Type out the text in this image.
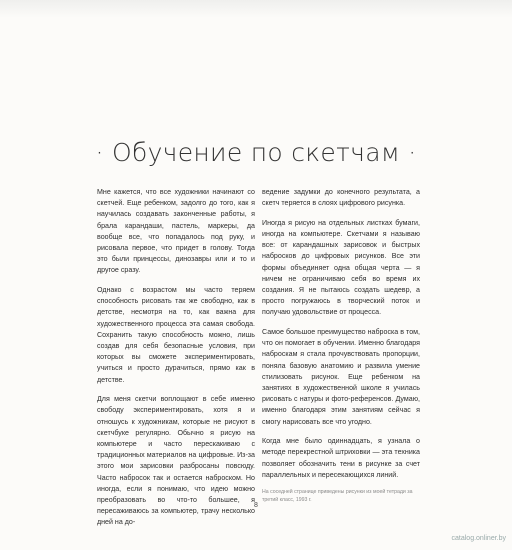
· Обучение по скетчам ·

Мне кажется, что все художники начинают со скетчей. Еще ребенком, задолго до того, как я научилась создавать законченные работы, я брала карандаши, пастель, маркеры, да вообще все, что попадалось под руку, и рисовала первое, что придет в голову. Тогда это были принцессы, динозавры или и то и другое сразу.

Однако с возрастом мы часто теряем способность рисовать так же свободно, как в детстве, несмотря на то, как важна для художественного процесса эта самая свобода. Сохранить такую способность можно, лишь создав для себя безопасные условия, при которых вы сможете экспериментировать, учиться и просто дурачиться, прямо как в детстве.

Для меня скетчи воплощают в себе именно свободу экспериментировать, хотя я и отношусь к художникам, которые не рисуют в скетчбуке регулярно. Обычно я рисую на компьютере и часто перескакиваю с традиционных материалов на цифровые. Из-за этого мои зарисовки разбросаны повсюду. Часто набросок так и остается наброском. Но иногда, если я понимаю, что идею можно преобразовать во что-то большее, я пересаживаюсь за компьютер, трачу несколько дней на до-

ведение задумки до конечного результата, а скетч теряется в слоях цифрового рисунка.

Иногда я рисую на отдельных листках бумаги, иногда на компьютере. Скетчами я называю все: от карандашных зарисовок и быстрых набросков до цифровых рисунков. Все эти формы объединяет одна общая черта — я ничем не ограничиваю себя во время их создания. Я не пытаюсь создать шедевр, а просто погружаюсь в творческий поток и получаю удовольствие от процесса.

Самое большое преимущество наброска в том, что он помогает в обучении. Именно благодаря наброскам я стала прочувствовать пропорции, поняла базовую анатомию и развила умение стилизовать рисунок. Еще ребенком на занятиях в художественной школе я училась рисовать с натуры и фото-референсов. Думаю, именно благодаря этим занятиям сейчас я смогу нарисовать все что угодно.

Когда мне было одиннадцать, я узнала о методе перекрестной штриховки — эта техника позволяет обозначить тени в рисунке за счет параллельных и пересекающихся линий.

На соседней странице приведены рисунки из моей тетради за третий класс, 1993 г.
8
catalog.onliner.by
